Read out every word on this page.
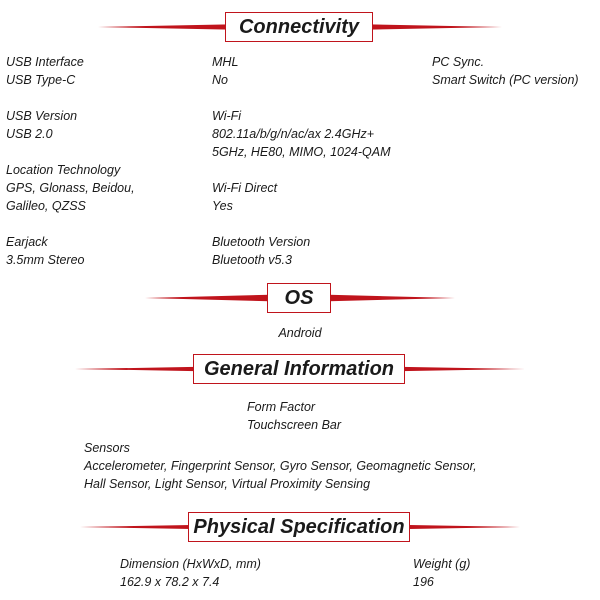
Connectivity
USB Interface
USB Type-C
USB Version
USB 2.0
Location Technology
GPS, Glonass, Beidou,
Galileo, QZSS
Earjack
3.5mm Stereo
MHL
No
Wi-Fi
802.11a/b/g/n/ac/ax 2.4GHz+
5GHz, HE80, MIMO, 1024-QAM
Wi-Fi Direct
Yes
Bluetooth Version
Bluetooth v5.3
PC Sync.
Smart Switch (PC version)
OS
Android
General Information
Form Factor
Touchscreen Bar
Sensors
Accelerometer, Fingerprint Sensor, Gyro Sensor, Geomagnetic Sensor,
Hall Sensor, Light Sensor, Virtual Proximity Sensing
Physical Specification
Dimension (HxWxD, mm)
162.9 x 78.2 x 7.4
Weight (g)
196
